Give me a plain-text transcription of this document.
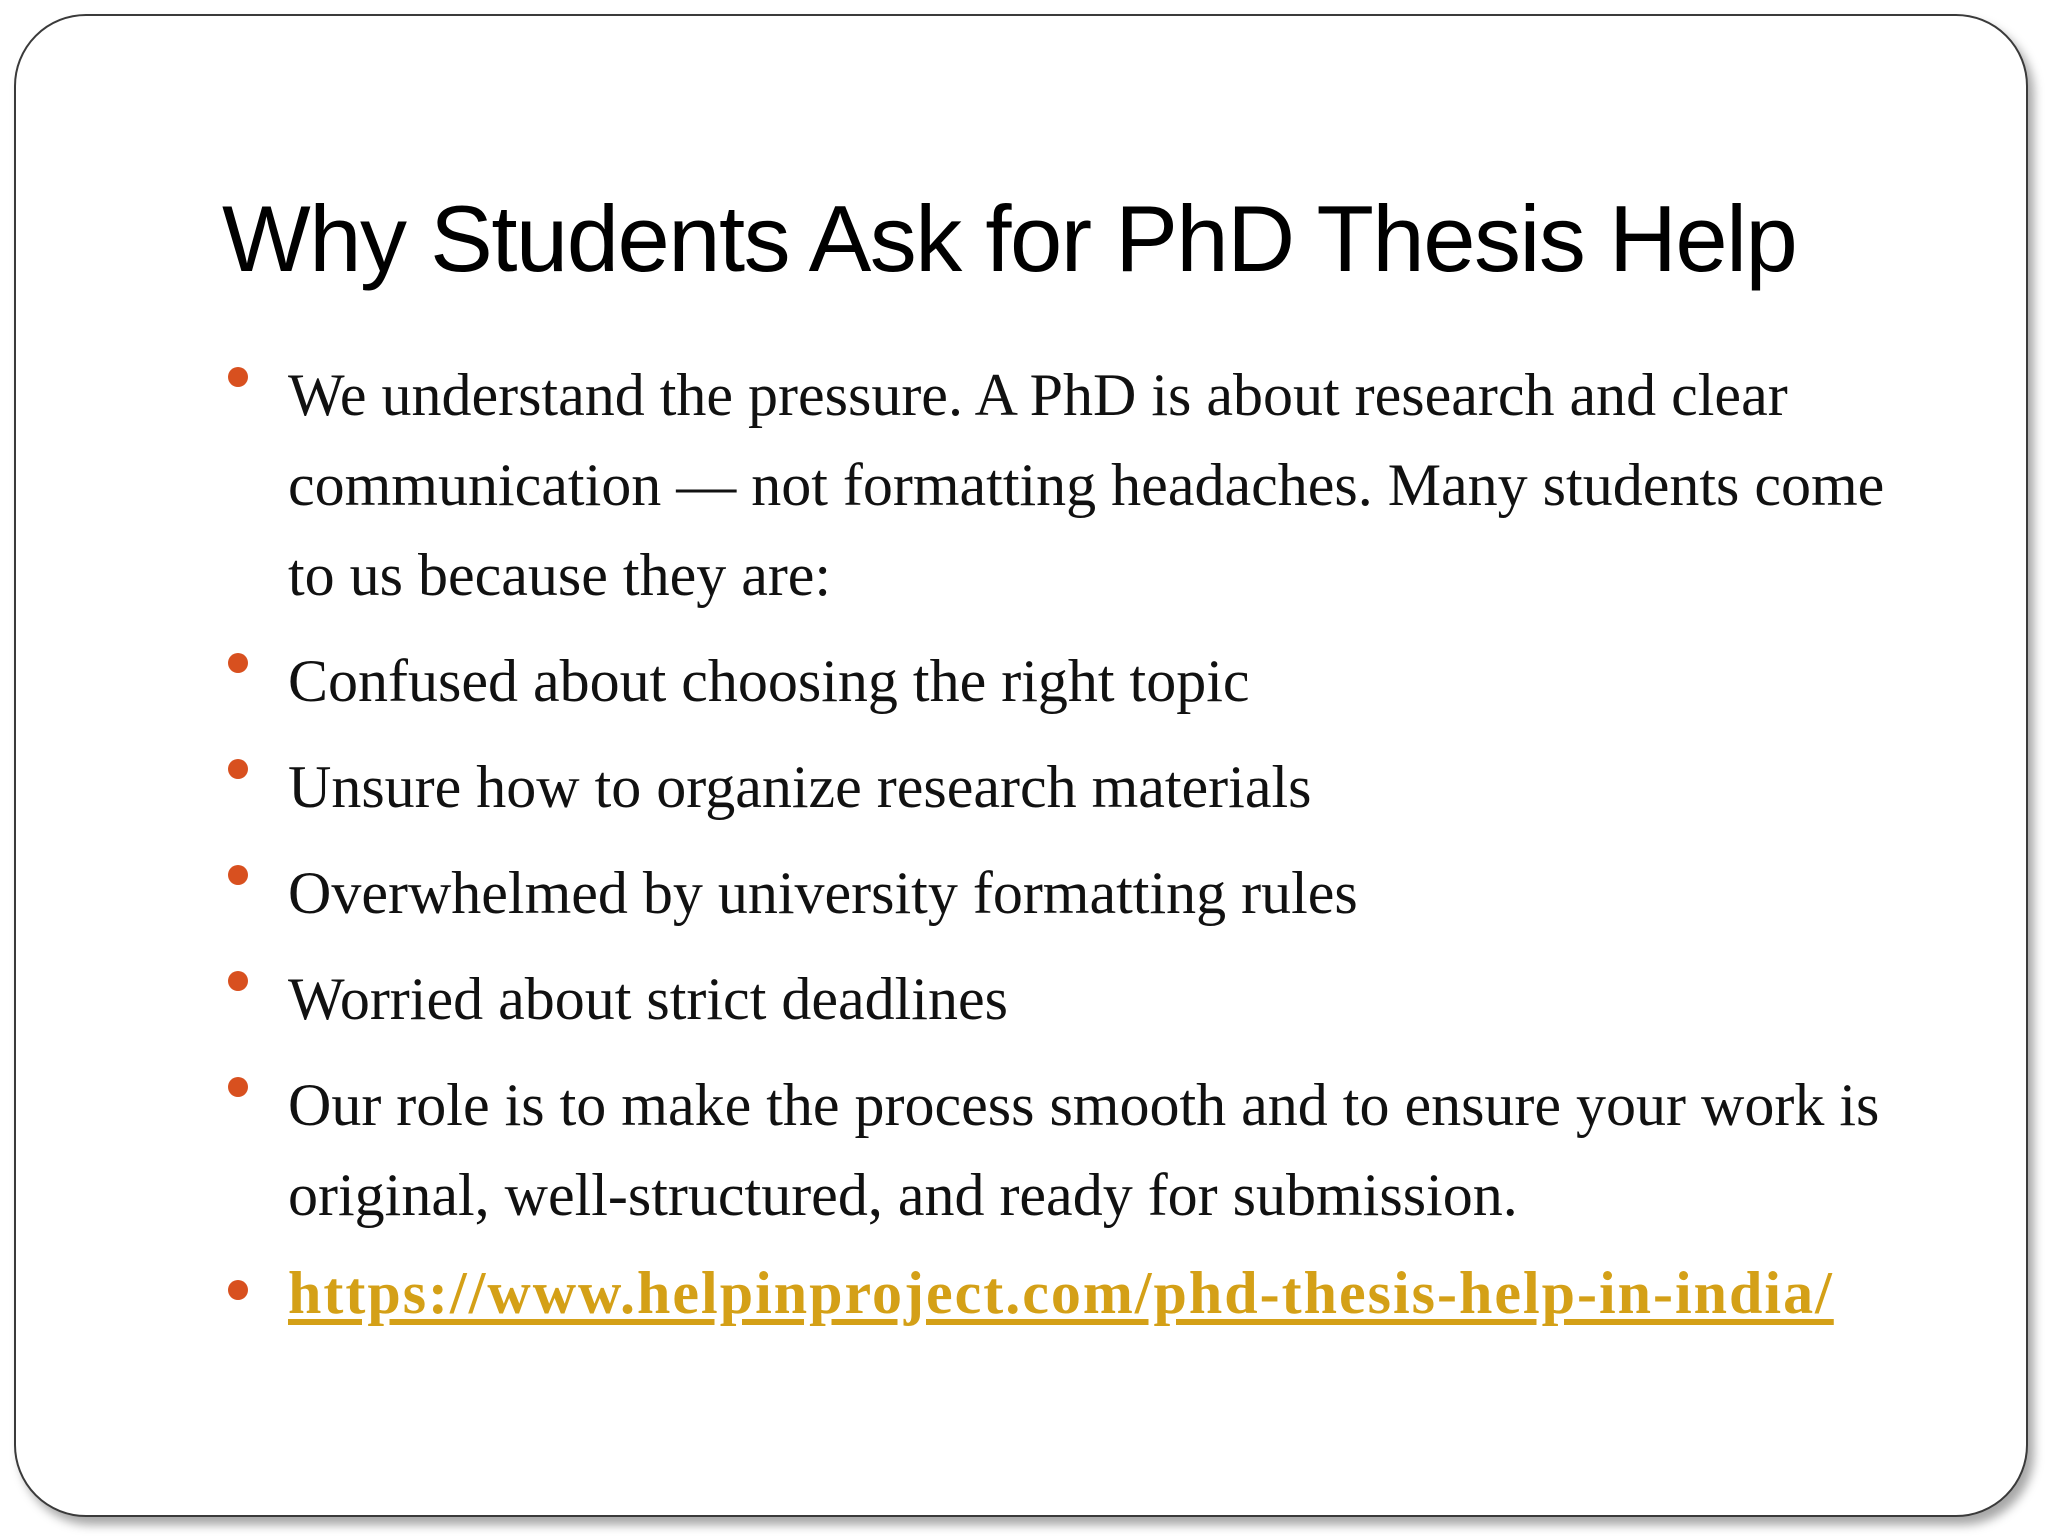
Why Students Ask for PhD Thesis Help
We understand the pressure. A PhD is about research and clear communication — not formatting headaches. Many students come to us because they are:
Confused about choosing the right topic
Unsure how to organize research materials
Overwhelmed by university formatting rules
Worried about strict deadlines
Our role is to make the process smooth and to ensure your work is original, well-structured, and ready for submission.
https://www.helpinproject.com/phd-thesis-help-in-india/
